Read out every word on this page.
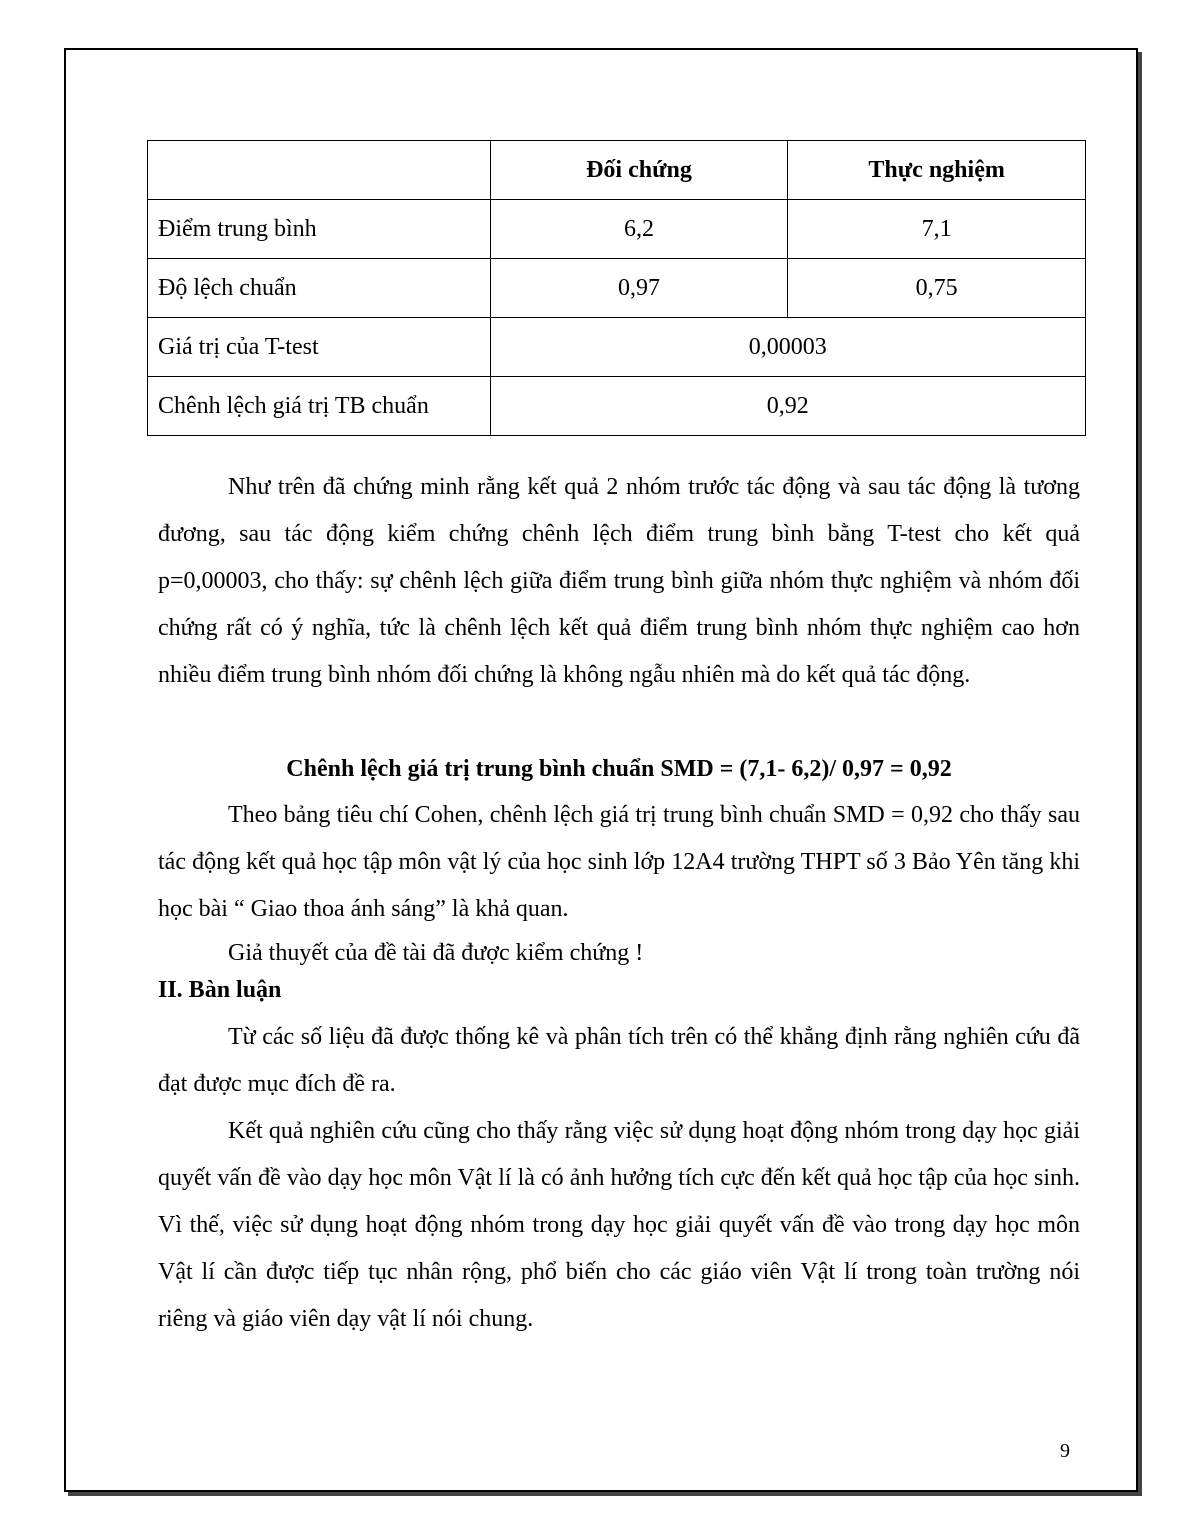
	Đối chứng	Thực nghiệm
Điểm trung bình	6,2	7,1
Độ lệch chuẩn	0,97	0,75
Giá trị của T-test	0,00003	
Chênh lệch giá trị TB chuẩn	0,92	

Như trên đã chứng minh rằng kết quả 2 nhóm trước tác động và sau tác động là tương đương, sau tác động kiểm chứng chênh lệch điểm trung bình bằng T-test cho kết quả p=0,00003, cho thấy: sự chênh lệch giữa điểm trung bình giữa nhóm thực nghiệm và nhóm đối chứng rất có ý nghĩa, tức là chênh lệch kết quả điểm trung bình nhóm thực nghiệm cao hơn nhiều điểm trung bình nhóm đối chứng là không ngẫu nhiên mà do kết quả tác động.

Chênh lệch giá trị trung bình chuẩn SMD = (7,1- 6,2)/ 0,97 = 0,92

Theo bảng tiêu chí Cohen, chênh lệch giá trị trung bình chuẩn SMD = 0,92 cho thấy sau tác động kết quả học tập môn vật lý của học sinh lớp 12A4 trường THPT số 3 Bảo Yên tăng khi học bài “ Giao thoa ánh sáng” là khả quan.

Giả thuyết của đề tài đã được kiểm chứng !

II. Bàn luận

Từ các số liệu đã được thống kê và phân tích trên có thể khẳng định rằng nghiên cứu đã đạt được mục đích đề ra.

Kết quả nghiên cứu cũng cho thấy rằng việc sử dụng hoạt động nhóm trong dạy học giải quyết vấn đề vào dạy học môn Vật lí là có ảnh hưởng tích cực đến kết quả học tập của học sinh. Vì thế, việc sử dụng hoạt động nhóm trong dạy học giải quyết vấn đề vào trong dạy học môn Vật lí cần được tiếp tục nhân rộng, phổ biến cho các giáo viên Vật lí trong toàn trường nói riêng và giáo viên dạy vật lí nói chung.

9
